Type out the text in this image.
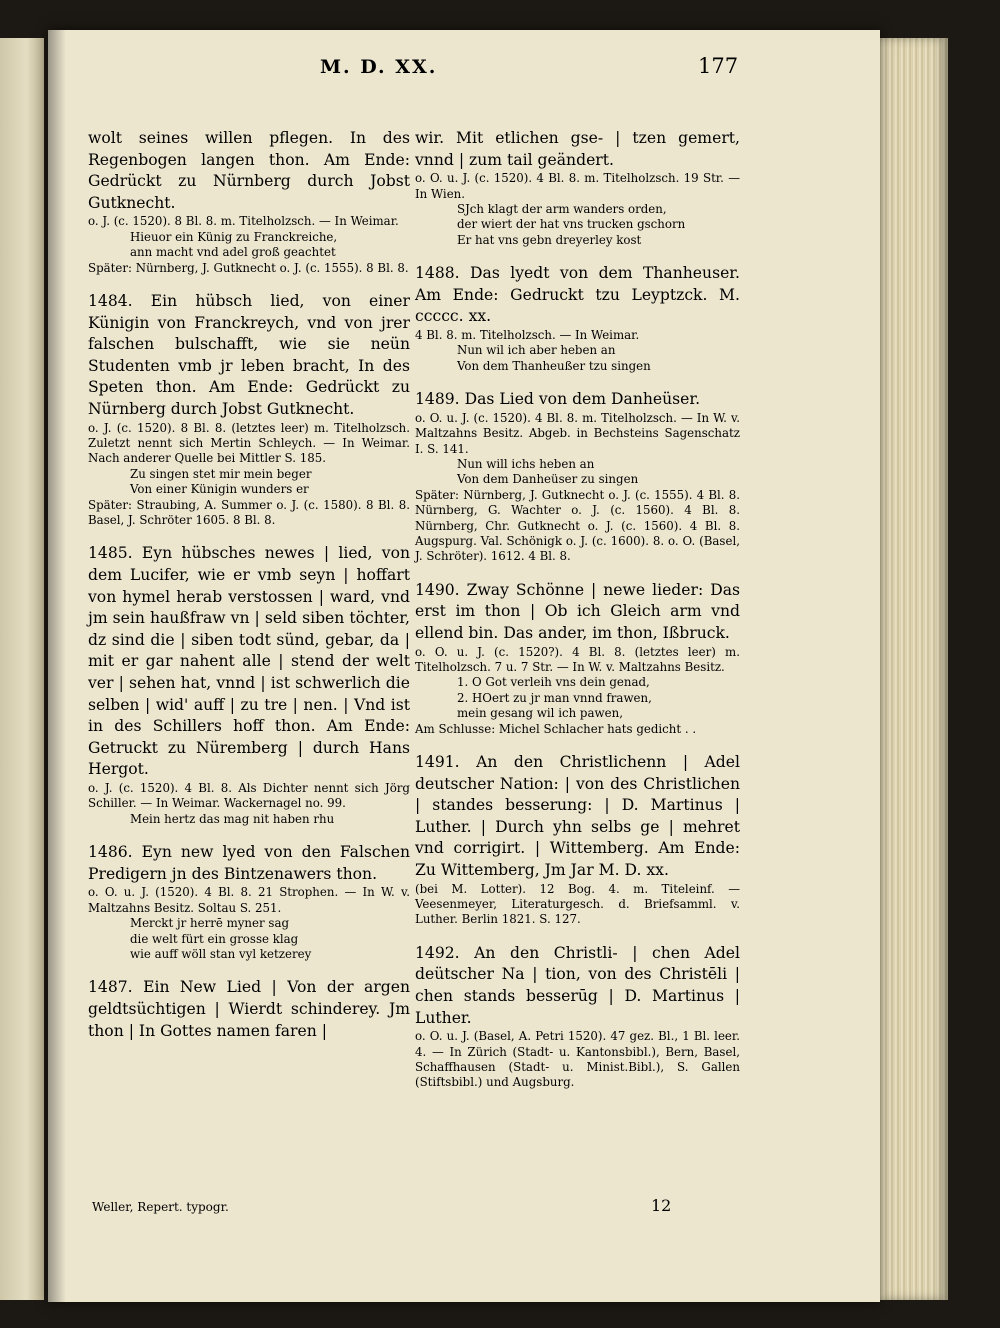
M. D. XX.	177
wolt seines willen pflegen. In des Regenbogen langen thon. Am Ende: Gedrückt zu Nürnberg durch Jobst Gutknecht.
o. J. (c. 1520). 8 Bl. 8. m. Titelholzsch. — In Weimar.
Hieuor ein Künig zu Franckreiche,
ann macht vnd adel groß geachtet
Später: Nürnberg, J. Gutknecht o. J. (c. 1555). 8 Bl. 8.
1484. Ein hübsch lied, von einer Künigin von Franckreych, vnd von jrer falschen bulschafft, wie sie neün Studenten vmb jr leben bracht, In des Speten thon. Am Ende: Gedrückt zu Nürnberg durch Jobst Gutknecht.
o. J. (c. 1520). 8 Bl. 8. (letztes leer) m. Titelholzsch. Zuletzt nennt sich Mertin Schleych. — In Weimar. Nach anderer Quelle bei Mittler S. 185.
Zu singen stet mir mein beger
Von einer Künigin wunders er
Später: Straubing, A. Summer o. J. (c. 1580). 8 Bl. 8. Basel, J. Schröter 1605. 8 Bl. 8.
1485. Eyn hübsches newes | lied, von dem Lucifer, wie er vmb seyn | hoffart von hymel herab verstossen | ward, vnd jm sein haußfraw vn | seld siben töchter, dz sind die | siben todt sünd, gebar, da | mit er gar nahent alle | stend der welt ver | sehen hat, vnnd | ist schwerlich die selben | wid' auff | zu tre | nen. | Vnd ist in des Schillers hoff thon. Am Ende: Getruckt zu Nüremberg | durch Hans Hergot.
o. J. (c. 1520). 4 Bl. 8. Als Dichter nennt sich Jörg Schiller. — In Weimar. Wackernagel no. 99.
Mein hertz das mag nit haben rhu
1486. Eyn new lyed von den Falschen Predigern jn des Bintzenawers thon.
o. O. u. J. (1520). 4 Bl. 8. 21 Strophen. — In W. v. Maltzahns Besitz. Soltau S. 251.
Merckt jr herrē myner sag
die welt fürt ein grosse klag
wie auff wöll stan vyl ketzerey
1487. Ein New Lied | Von der argen geldtsüchtigen | Wierdt schinderey. Jm thon | In Gottes namen faren |
wir. Mit etlichen gse- | tzen gemert, vnnd | zum tail geändert.
o. O. u. J. (c. 1520). 4 Bl. 8. m. Titelholzsch. 19 Str. — In Wien.
SJch klagt der arm wanders orden,
der wiert der hat vns trucken gschorn
Er hat vns gebn dreyerley kost
1488. Das lyedt von dem Thanheuser. Am Ende: Gedruckt tzu Leyptzck. M. ccccc. xx.
4 Bl. 8. m. Titelholzsch. — In Weimar.
Nun wil ich aber heben an
Von dem Thanheußer tzu singen
1489. Das Lied von dem Danheüser.
o. O. u. J. (c. 1520). 4 Bl. 8. m. Titelholzsch. — In W. v. Maltzahns Besitz. Abgeb. in Bechsteins Sagenschatz I. S. 141.
Nun will ichs heben an
Von dem Danheüser zu singen
Später: Nürnberg, J. Gutknecht o. J. (c. 1555). 4 Bl. 8. Nürnberg, G. Wachter o. J. (c. 1560). 4 Bl. 8. Nürnberg, Chr. Gutknecht o. J. (c. 1560). 4 Bl. 8. Augspurg. Val. Schönigk o. J. (c. 1600). 8. o. O. (Basel, J. Schröter). 1612. 4 Bl. 8.
1490. Zway Schönne | newe lieder: Das erst im thon | Ob ich Gleich arm vnd ellend bin. Das ander, im thon, Ißbruck.
o. O. u. J. (c. 1520?). 4 Bl. 8. (letztes leer) m. Titelholzsch. 7 u. 7 Str. — In W. v. Maltzahns Besitz.
1. O Got verleih vns dein genad,
2. HOert zu jr man vnnd frawen,
mein gesang wil ich pawen,
Am Schlusse: Michel Schlacher hats gedicht . .
1491. An den Christlichenn | Adel deutscher Nation: | von des Christlichen | standes besserung: | D. Martinus | Luther. | Durch yhn selbs ge | mehret vnd corrigirt. | Wittemberg. Am Ende: Zu Wittemberg, Jm Jar M. D. xx.
(bei M. Lotter). 12 Bog. 4. m. Titeleinf. — Veesenmeyer, Literaturgesch. d. Briefsamml. v. Luther. Berlin 1821. S. 127.
1492. An den Christli- | chen Adel deütscher Na | tion, von des Christēli | chen stands besserūg | D. Martinus | Luther.
o. O. u. J. (Basel, A. Petri 1520). 47 gez. Bl., 1 Bl. leer. 4. — In Zürich (Stadt- u. Kantonsbibl.), Bern, Basel, Schaffhausen (Stadt- u. Minist.Bibl.), S. Gallen (Stiftsbibl.) und Augsburg.
Weller, Repert. typogr.	12
